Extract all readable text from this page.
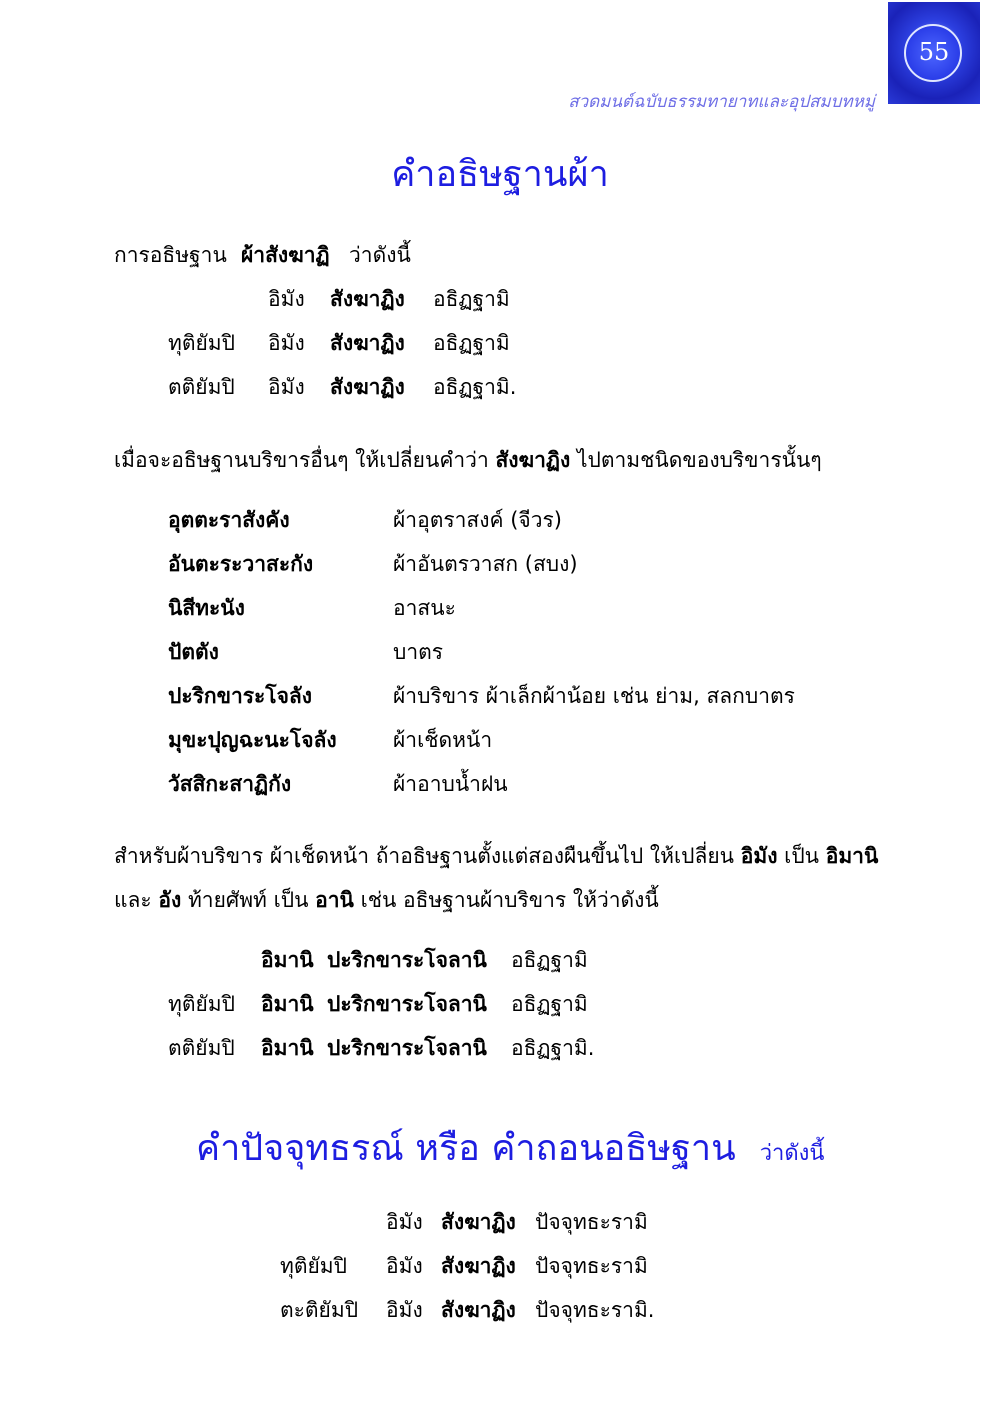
55
สวดมนต์ฉบับธรรมทายาทและอุปสมบทหมู่
คำอธิษฐานผ้า
การอธิษฐาน ผ้าสังฆาฏิ ว่าดังนี้
อิมัง สังฆาฏิง อธิฏฐามิ
ทุติยัมปิ อิมัง สังฆาฏิง อธิฏฐามิ
ตติยัมปิ อิมัง สังฆาฏิง อธิฏฐามิ.
เมื่อจะอธิษฐานบริขารอื่นๆ ให้เปลี่ยนคำว่า สังฆาฏิง ไปตามชนิดของบริขารนั้นๆ
อุตตะราสังคัง	ผ้าอุตราสงค์ (จีวร)
อันตะระวาสะกัง	ผ้าอันตรวาสก (สบง)
นิสีทะนัง	อาสนะ
ปัตตัง	บาตร
ปะริกขาระโจลัง	ผ้าบริขาร ผ้าเล็กผ้าน้อย เช่น ย่าม, สลกบาตร
มุขะปุญฉะนะโจลัง	ผ้าเช็ดหน้า
วัสสิกะสาฏิกัง	ผ้าอาบน้ำฝน
สำหรับผ้าบริขาร ผ้าเช็ดหน้า ถ้าอธิษฐานตั้งแต่สองผืนขึ้นไป ให้เปลี่ยน อิมัง เป็น อิมานิ
และ อัง ท้ายศัพท์ เป็น อานิ เช่น อธิษฐานผ้าบริขาร ให้ว่าดังนี้
อิมานิ ปะริกขาระโจลานิ อธิฏฐามิ
ทุติยัมปิ อิมานิ ปะริกขาระโจลานิ อธิฏฐามิ
ตติยัมปิ อิมานิ ปะริกขาระโจลานิ อธิฏฐามิ.
คำปัจจุทธรณ์ หรือ คำถอนอธิษฐาน ว่าดังนี้
อิมัง สังฆาฏิง ปัจจุทธะรามิ
ทุติยัมปิ อิมัง สังฆาฏิง ปัจจุทธะรามิ
ตะติยัมปิ อิมัง สังฆาฏิง ปัจจุทธะรามิ.
